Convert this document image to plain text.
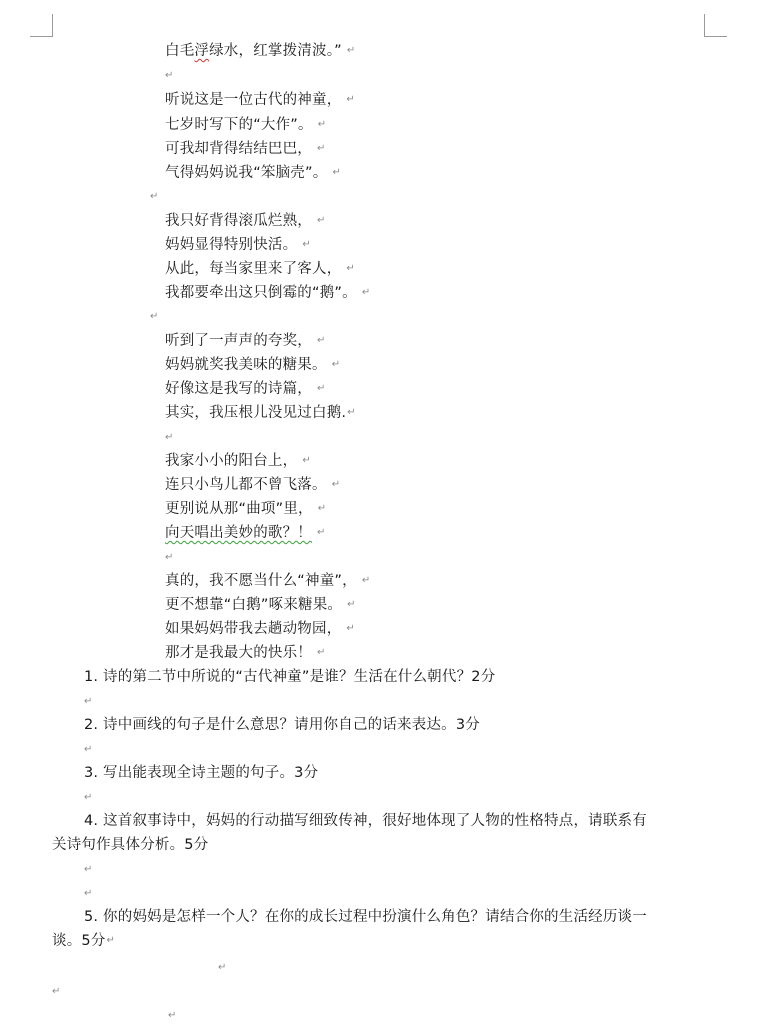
白毛浮绿水，红掌拨清波。” ↵
↵
听说这是一位古代的神童， ↵
七岁时写下的“大作”。 ↵
可我却背得结结巴巴， ↵
气得妈妈说我“笨脑壳”。 ↵
↵
我只好背得滚瓜烂熟， ↵
妈妈显得特别快活。 ↵
从此，每当家里来了客人， ↵
我都要牵出这只倒霉的“鹅”。 ↵
↵
听到了一声声的夸奖， ↵
妈妈就奖我美味的糖果。 ↵
好像这是我写的诗篇， ↵
其实，我压根儿没见过白鹅.↵
↵
我家小小的阳台上， ↵
连只小鸟儿都不曾飞落。 ↵
更别说从那“曲项”里， ↵
向天唱出美妙的歌？！ ↵
↵
真的，我不愿当什么“神童”， ↵
更不想靠“白鹅”啄来糖果。 ↵
如果妈妈带我去趟动物园， ↵
那才是我最大的快乐！ ↵
1. 诗的第二节中所说的“古代神童”是谁？生活在什么朝代？2分
↵
2. 诗中画线的句子是什么意思？请用你自己的话来表达。3分
↵
3. 写出能表现全诗主题的句子。3分
↵
4. 这首叙事诗中，妈妈的行动描写细致传神，很好地体现了人物的性格特点，请联系有
关诗句作具体分析。5分
↵
↵
5. 你的妈妈是怎样一个人？在你的成长过程中扮演什么角色？请结合你的生活经历谈一
谈。5分↵
↵
↵
↵
